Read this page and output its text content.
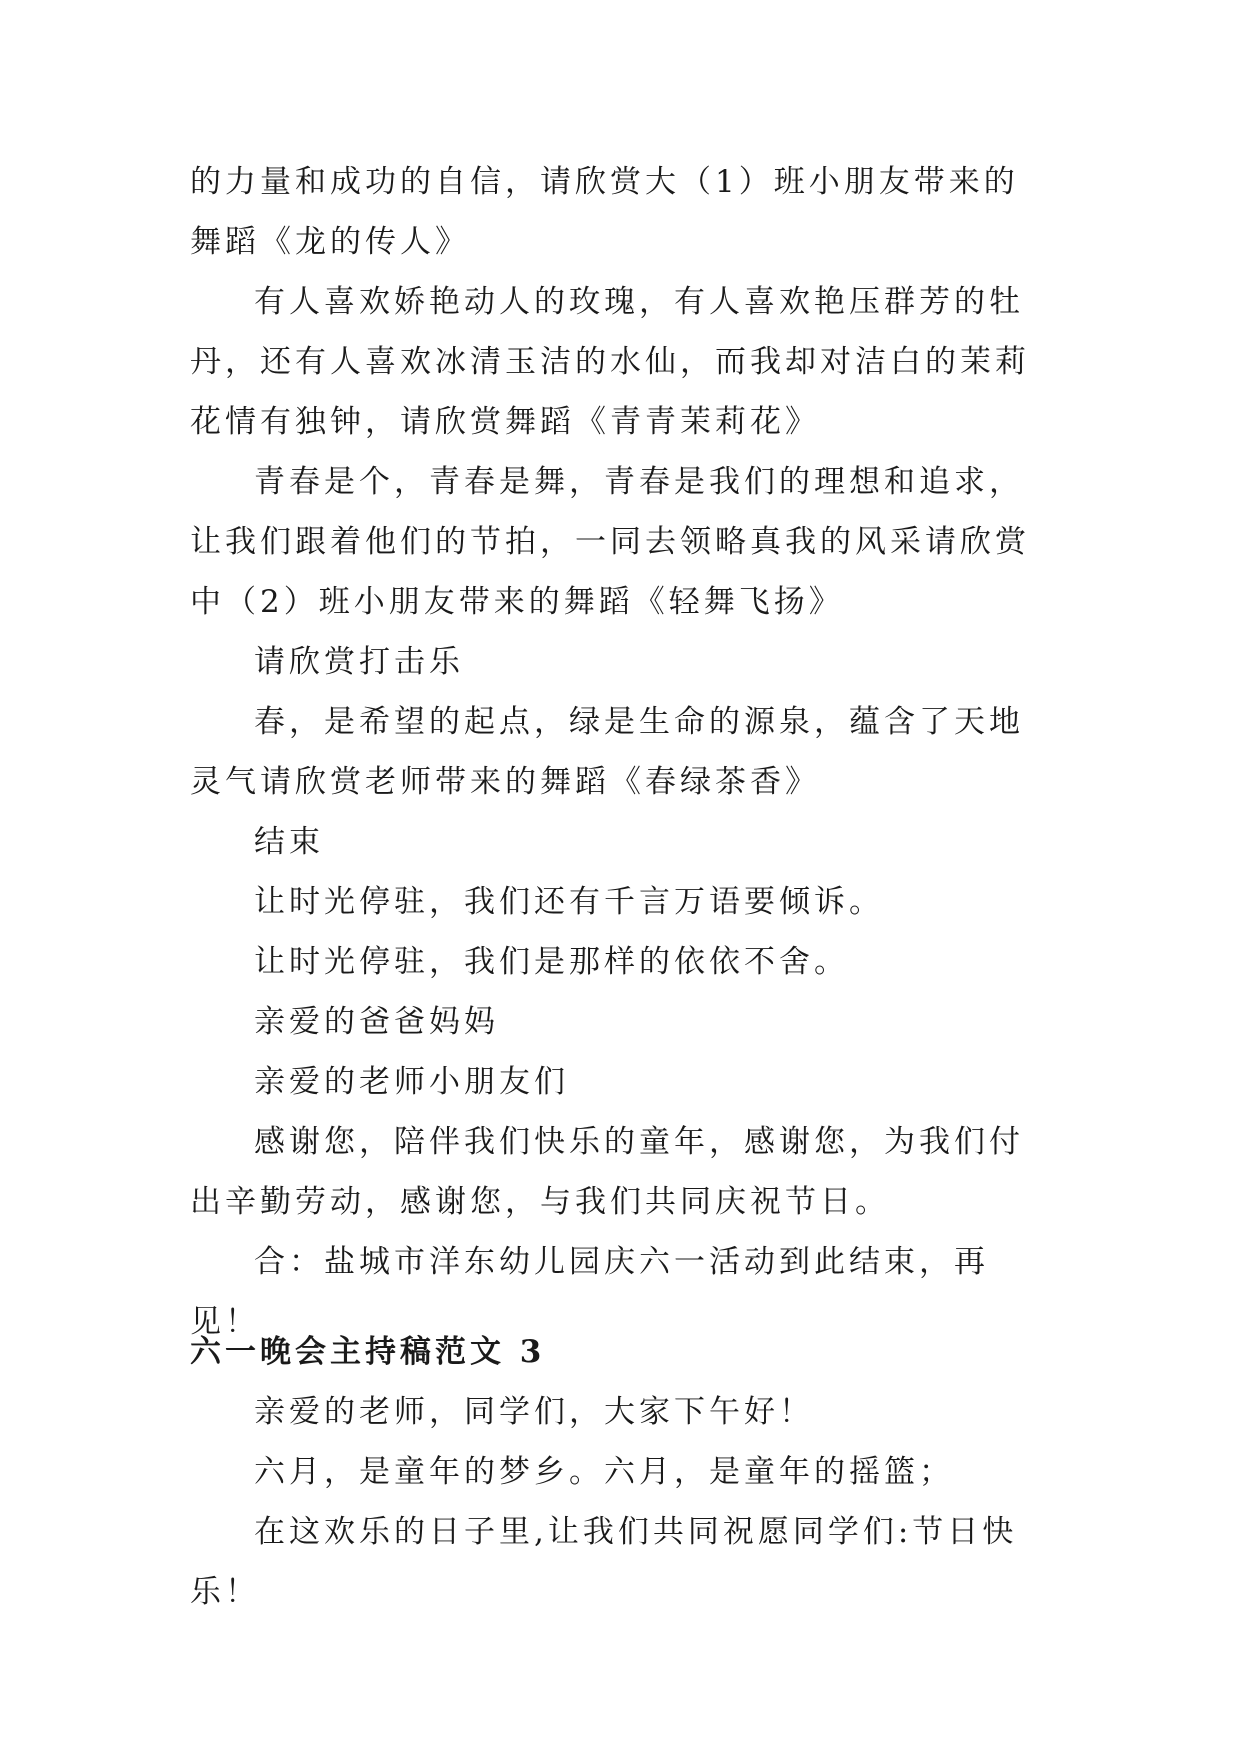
的力量和成功的自信，请欣赏大（1）班小朋友带来的舞蹈《龙的传人》

有人喜欢娇艳动人的玫瑰，有人喜欢艳压群芳的牡丹，还有人喜欢冰清玉洁的水仙，而我却对洁白的茉莉花情有独钟，请欣赏舞蹈《青青茉莉花》

青春是个，青春是舞，青春是我们的理想和追求，让我们跟着他们的节拍，一同去领略真我的风采请欣赏中（2）班小朋友带来的舞蹈《轻舞飞扬》

请欣赏打击乐

春，是希望的起点，绿是生命的源泉，蕴含了天地灵气请欣赏老师带来的舞蹈《春绿茶香》

结束

让时光停驻，我们还有千言万语要倾诉。

让时光停驻，我们是那样的依依不舍。

亲爱的爸爸妈妈

亲爱的老师小朋友们

感谢您，陪伴我们快乐的童年，感谢您，为我们付出辛勤劳动，感谢您，与我们共同庆祝节日。

合：盐城市洋东幼儿园庆六一活动到此结束，再见！

六一晚会主持稿范文 3

亲爱的老师，同学们，大家下午好！

六月，是童年的梦乡。六月，是童年的摇篮；

在这欢乐的日子里,让我们共同祝愿同学们:节日快乐！
